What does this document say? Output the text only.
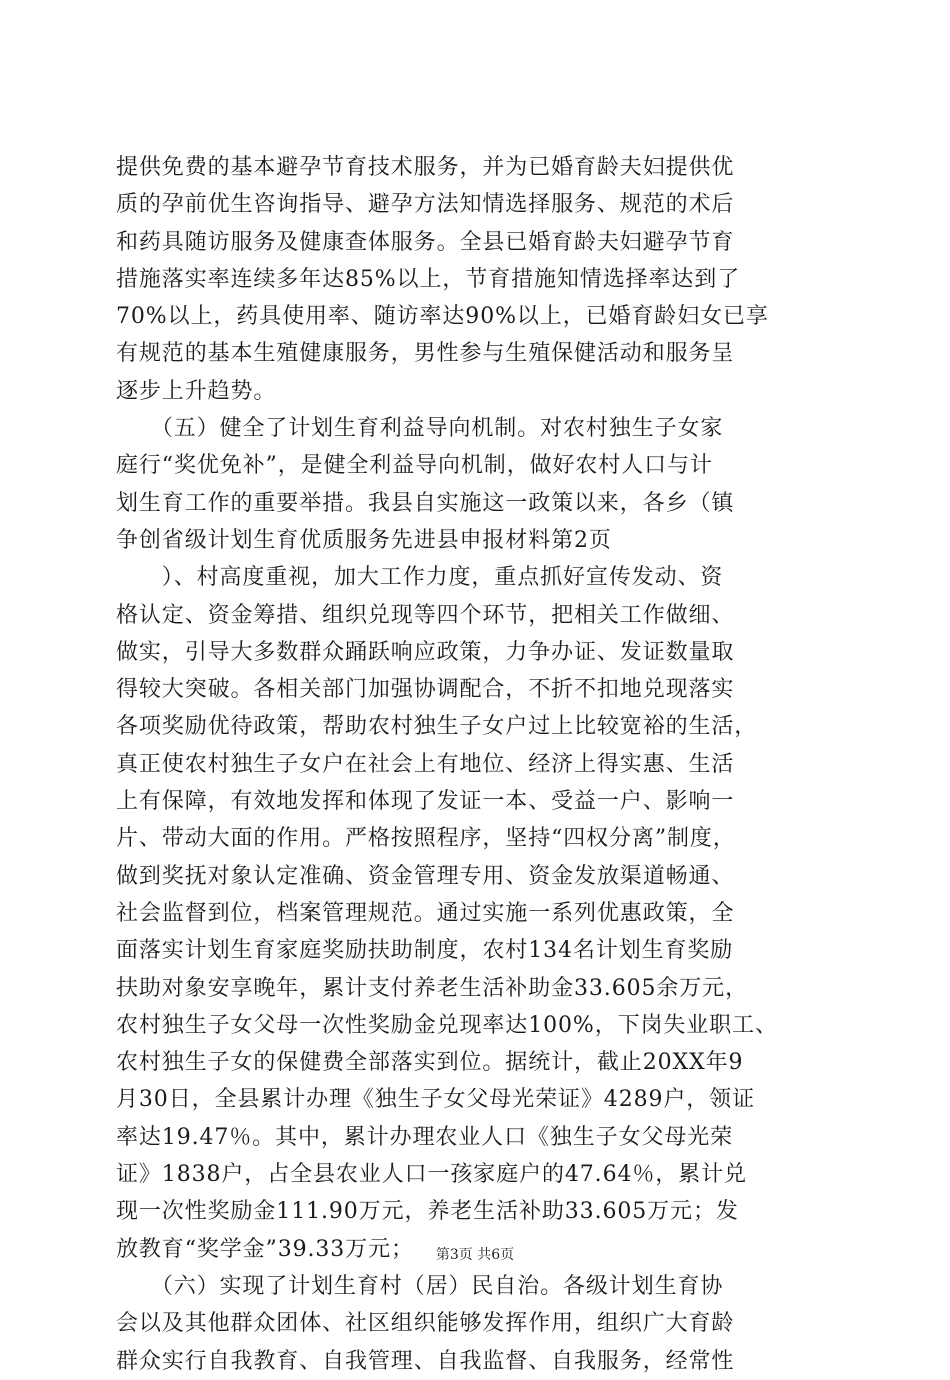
提供免费的基本避孕节育技术服务，并为已婚育龄夫妇提供优
质的孕前优生咨询指导、避孕方法知情选择服务、规范的术后
和药具随访服务及健康查体服务。全县已婚育龄夫妇避孕节育
措施落实率连续多年达85%以上，节育措施知情选择率达到了
70%以上，药具使用率、随访率达90%以上，已婚育龄妇女已享
有规范的基本生殖健康服务，男性参与生殖保健活动和服务呈
逐步上升趋势。
　　（五）健全了计划生育利益导向机制。对农村独生子女家
庭行“奖优免补”，是健全利益导向机制，做好农村人口与计
划生育工作的重要举措。我县自实施这一政策以来，各乡（镇
争创省级计划生育优质服务先进县申报材料第2页
　　）、村高度重视，加大工作力度，重点抓好宣传发动、资
格认定、资金筹措、组织兑现等四个环节，把相关工作做细、
做实，引导大多数群众踊跃响应政策，力争办证、发证数量取
得较大突破。各相关部门加强协调配合，不折不扣地兑现落实
各项奖励优待政策，帮助农村独生子女户过上比较宽裕的生活，
真正使农村独生子女户在社会上有地位、经济上得实惠、生活
上有保障，有效地发挥和体现了发证一本、受益一户、影响一
片、带动大面的作用。严格按照程序，坚持“四权分离”制度，
做到奖抚对象认定准确、资金管理专用、资金发放渠道畅通、
社会监督到位，档案管理规范。通过实施一系列优惠政策，全
面落实计划生育家庭奖励扶助制度，农村134名计划生育奖励
扶助对象安享晚年，累计支付养老生活补助金33.605余万元，
农村独生子女父母一次性奖励金兑现率达100%，下岗失业职工、
农村独生子女的保健费全部落实到位。据统计，截止20XX年9
月30日，全县累计办理《独生子女父母光荣证》4289户，领证
率达19.47％。其中，累计办理农业人口《独生子女父母光荣
证》1838户，占全县农业人口一孩家庭户的47.64％，累计兑
现一次性奖励金111.90万元，养老生活补助33.605万元；发
放教育“奖学金”39.33万元；
　　（六）实现了计划生育村（居）民自治。各级计划生育协
会以及其他群众团体、社区组织能够发挥作用，组织广大育龄
群众实行自我教育、自我管理、自我监督、自我服务，经常性
第3页 共6页
